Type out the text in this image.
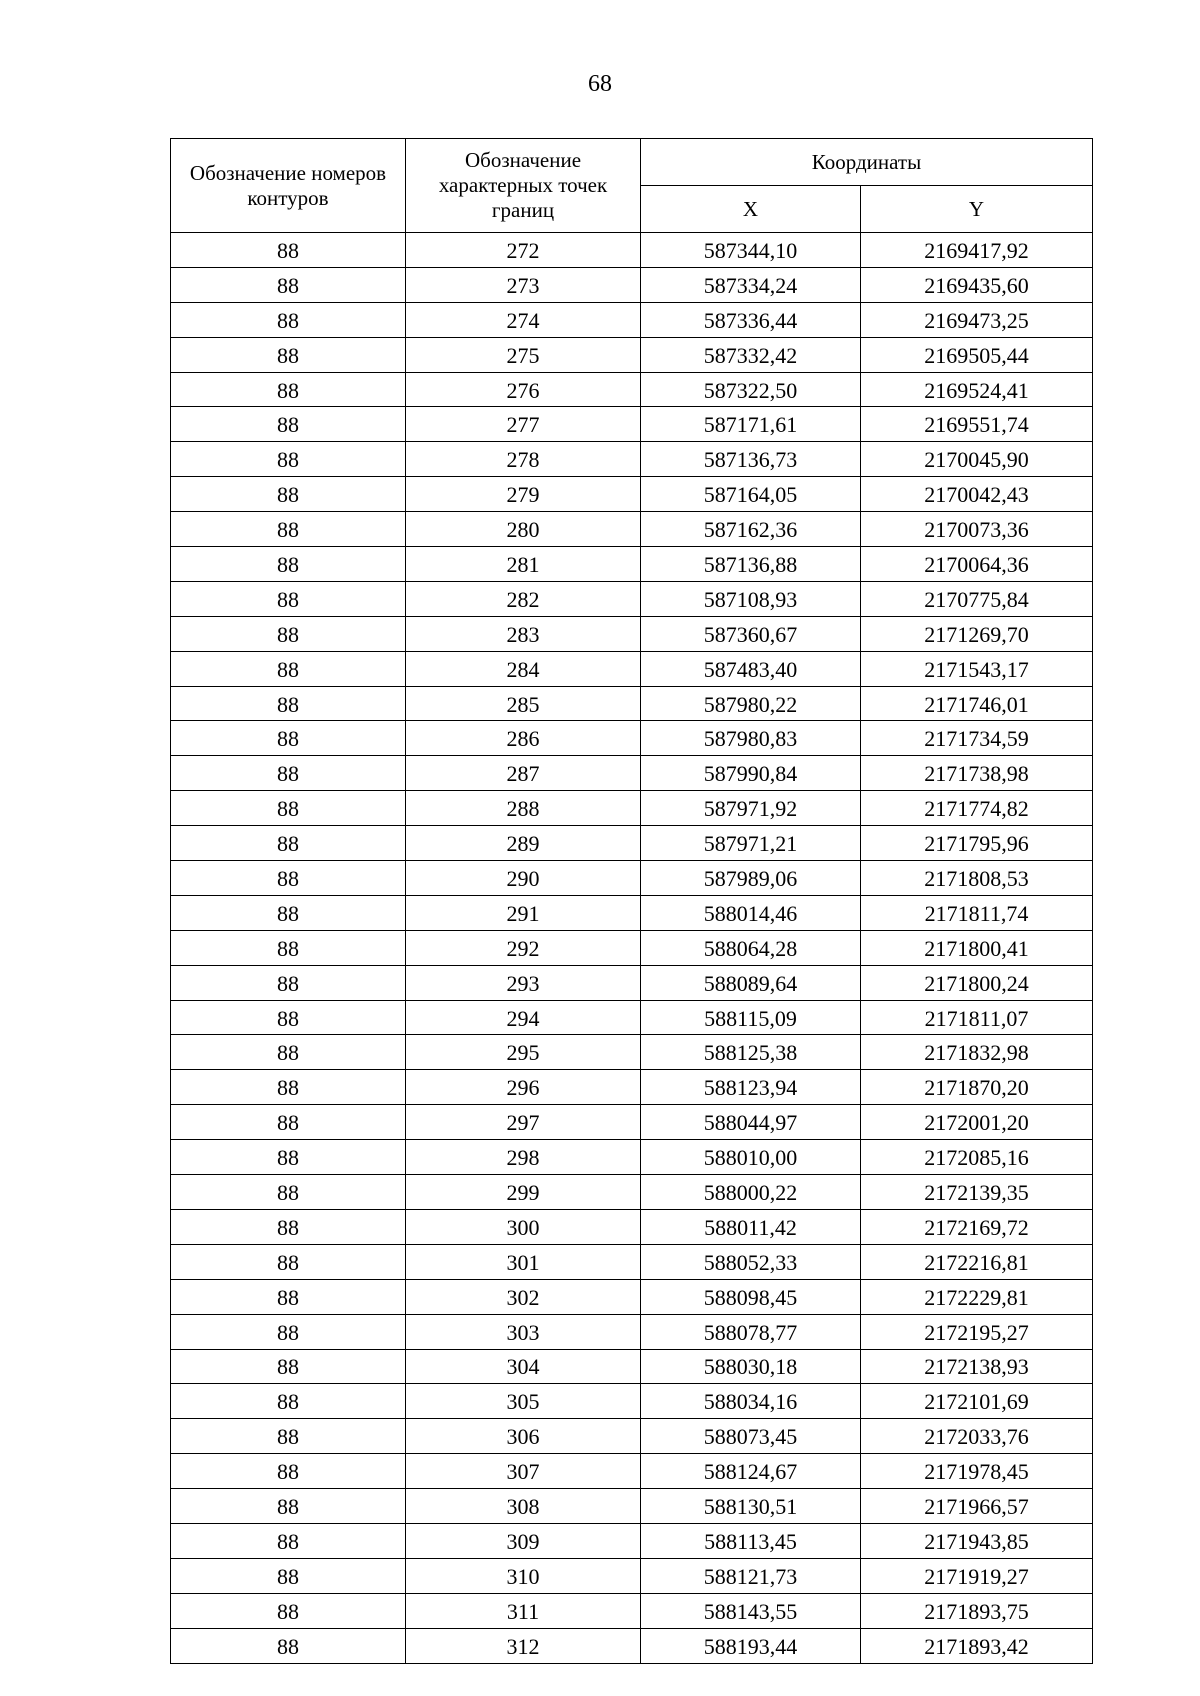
68
Обозначение номеров контуров	Обозначение характерных точек границ	Координаты	
		X	Y
88	272	587344,10	2169417,92
88	273	587334,24	2169435,60
88	274	587336,44	2169473,25
88	275	587332,42	2169505,44
88	276	587322,50	2169524,41
88	277	587171,61	2169551,74
88	278	587136,73	2170045,90
88	279	587164,05	2170042,43
88	280	587162,36	2170073,36
88	281	587136,88	2170064,36
88	282	587108,93	2170775,84
88	283	587360,67	2171269,70
88	284	587483,40	2171543,17
88	285	587980,22	2171746,01
88	286	587980,83	2171734,59
88	287	587990,84	2171738,98
88	288	587971,92	2171774,82
88	289	587971,21	2171795,96
88	290	587989,06	2171808,53
88	291	588014,46	2171811,74
88	292	588064,28	2171800,41
88	293	588089,64	2171800,24
88	294	588115,09	2171811,07
88	295	588125,38	2171832,98
88	296	588123,94	2171870,20
88	297	588044,97	2172001,20
88	298	588010,00	2172085,16
88	299	588000,22	2172139,35
88	300	588011,42	2172169,72
88	301	588052,33	2172216,81
88	302	588098,45	2172229,81
88	303	588078,77	2172195,27
88	304	588030,18	2172138,93
88	305	588034,16	2172101,69
88	306	588073,45	2172033,76
88	307	588124,67	2171978,45
88	308	588130,51	2171966,57
88	309	588113,45	2171943,85
88	310	588121,73	2171919,27
88	311	588143,55	2171893,75
88	312	588193,44	2171893,42
